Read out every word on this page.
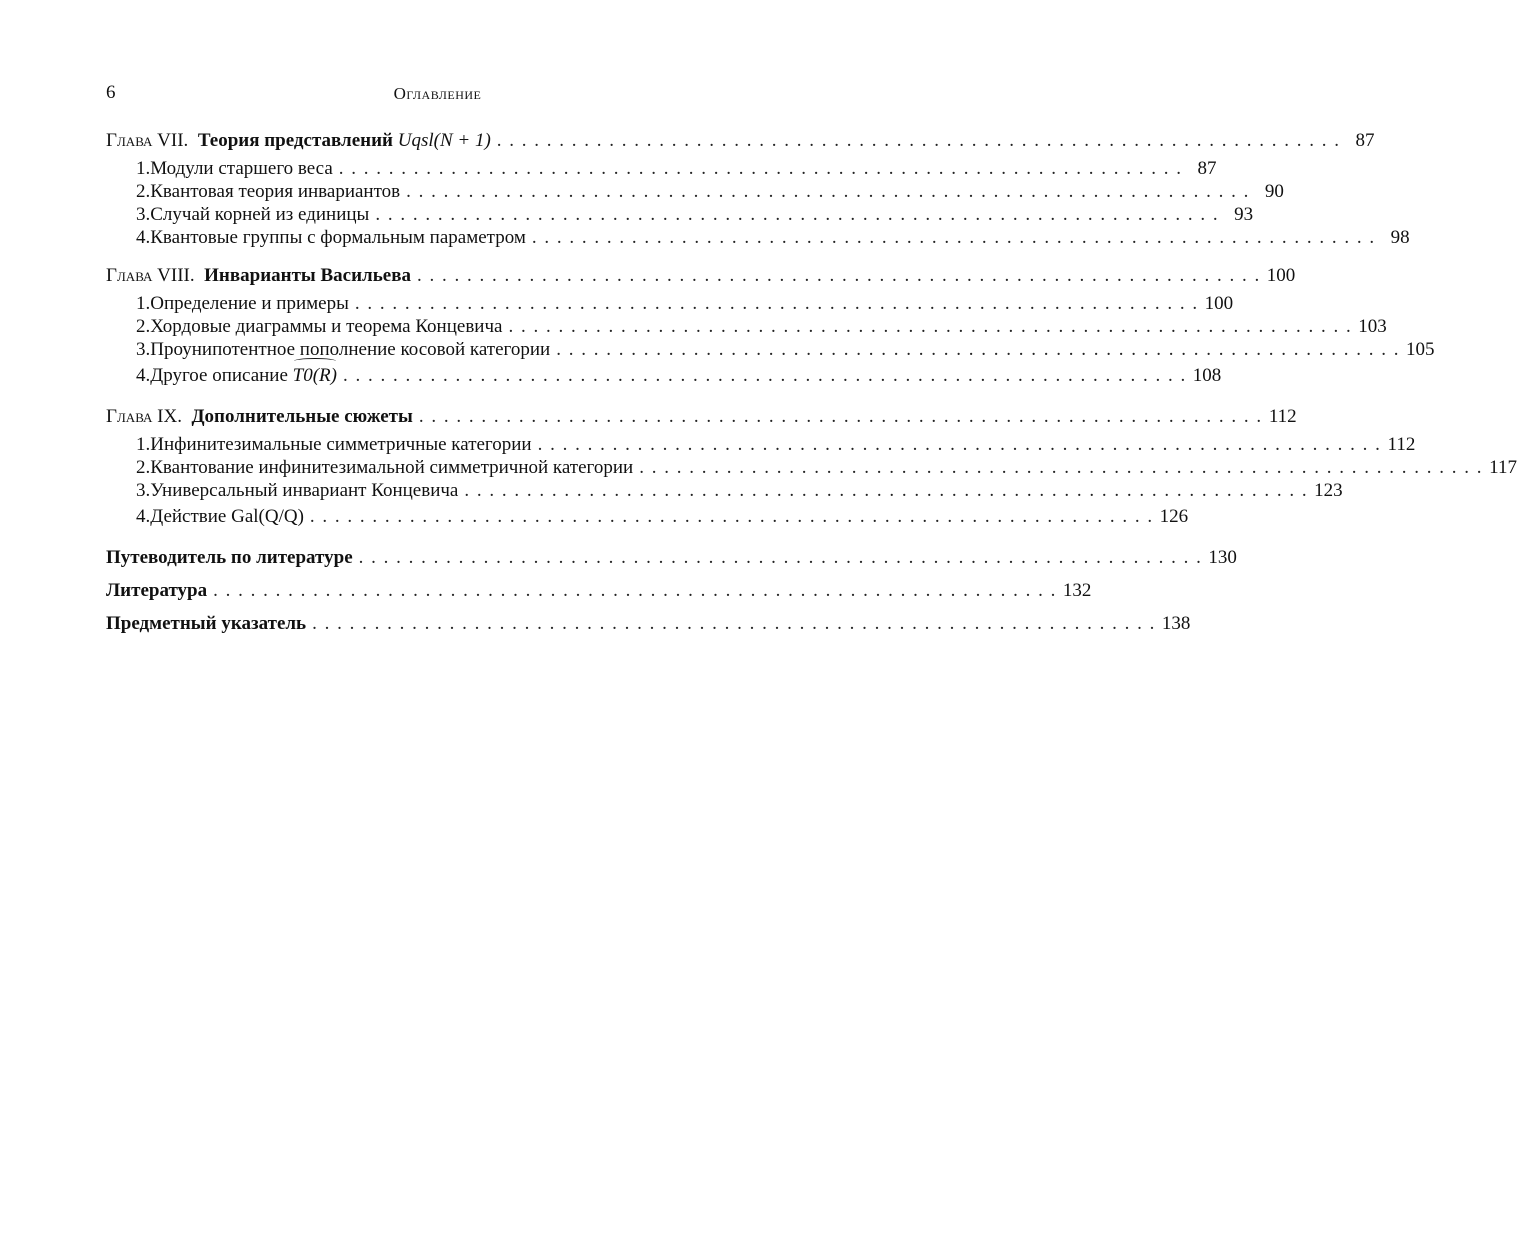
6	Оглавление
Глава VII. Теория представлений Uqsl(N + 1) . . .	87
1. Модули старшего веса . . .	87
2. Квантовая теория инвариантов . . .	90
3. Случай корней из единицы . . .	93
4. Квантовые группы с формальным параметром . . .	98
Глава VIII. Инварианты Васильева . . .	100
1. Определение и примеры . . .	100
2. Хордовые диаграммы и теорема Концевича . . .	103
3. Проунипотентное пополнение косовой категории . . .	105
4. Другое описание T0(R) . . .	108
Глава IX. Дополнительные сюжеты . . .	112
1. Инфинитезимальные симметричные категории . . .	112
2. Квантование инфинитезимальной симметричной категории . . .	117
3. Универсальный инвариант Концевича . . .	123
4. Действие Gal(Q/Q) . . .	126
Путеводитель по литературе . . .	130
Литература . . .	132
Предметный указатель . . .	138
